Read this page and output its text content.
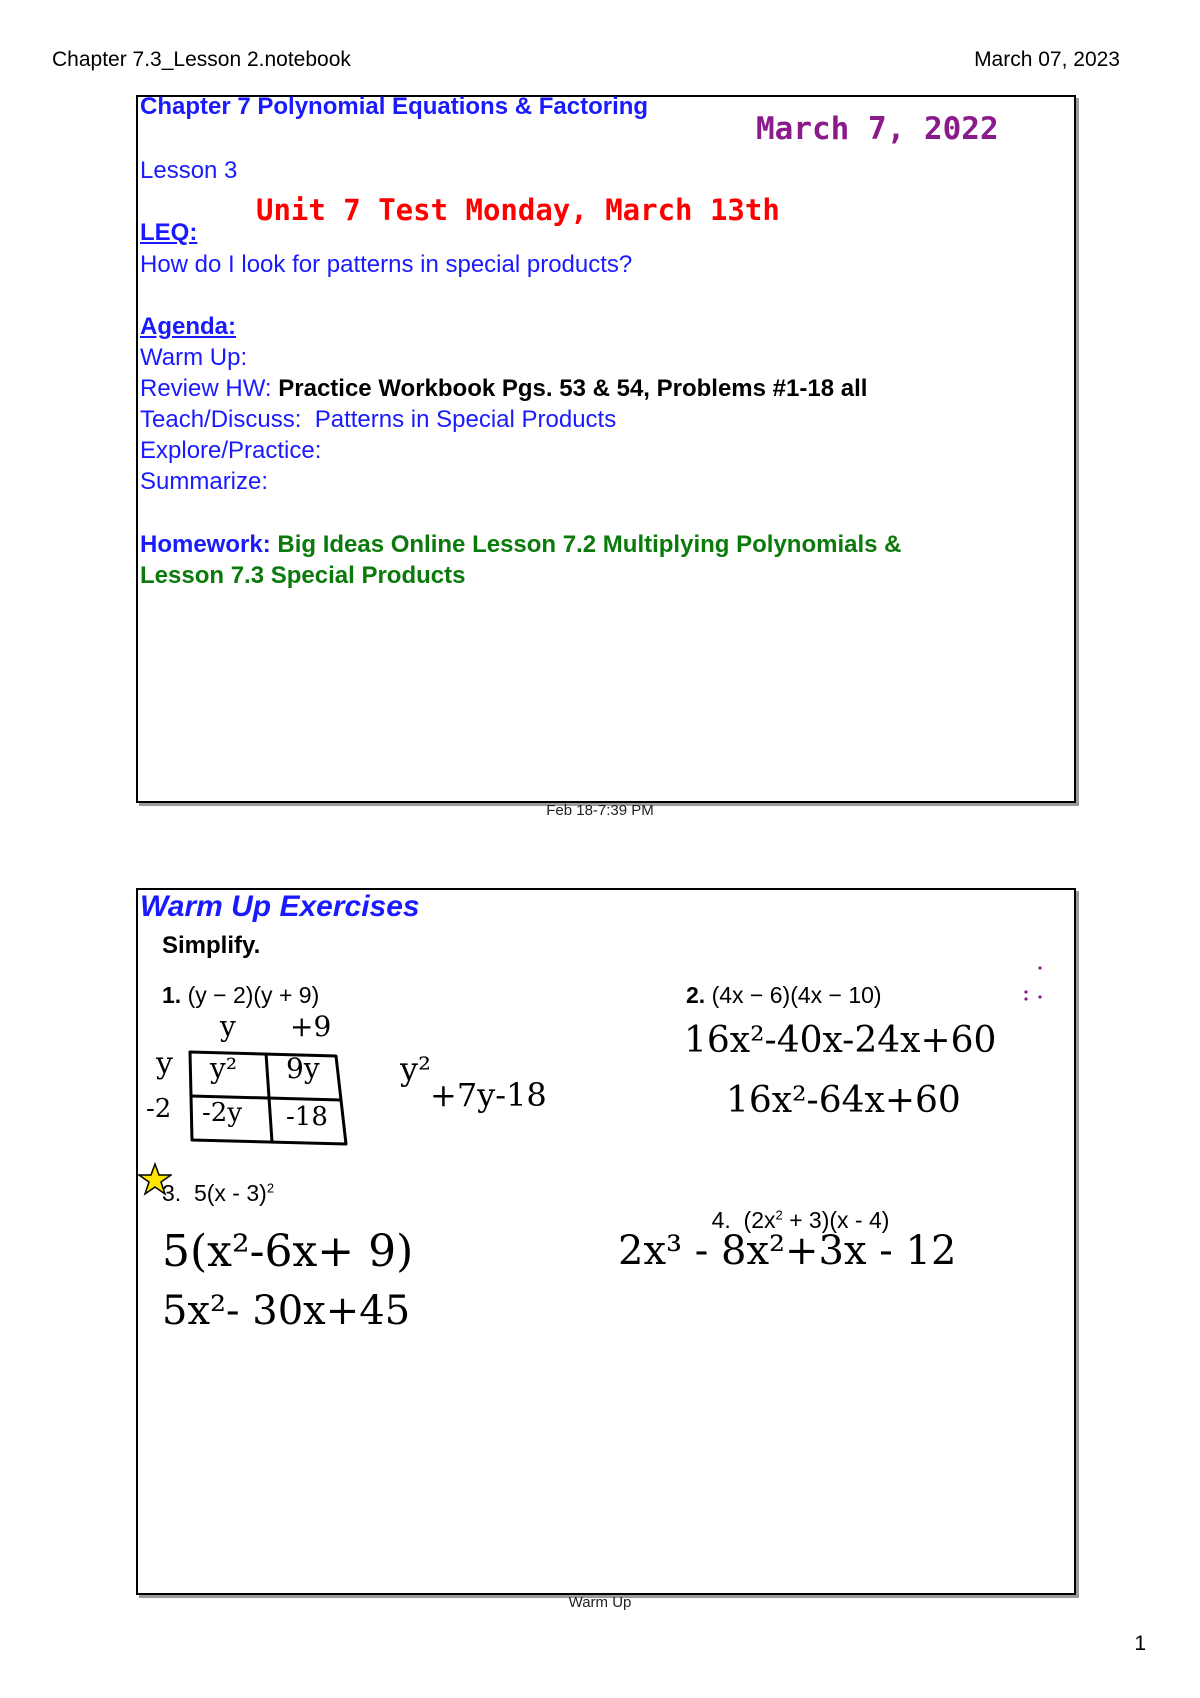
Chapter 7.3_Lesson 2.notebook	March 07, 2023
Chapter 7 Polynomial Equations & Factoring
March 7, 2022
Lesson 3
Unit 7 Test Monday, March 13th
LEQ:
How do I look for patterns in special products?
Agenda:
Warm Up:
Review HW: Practice Workbook Pgs. 53 & 54, Problems #1-18 all
Teach/Discuss:  Patterns in Special Products
Explore/Practice:
Summarize:
Homework: Big Ideas Online Lesson 7.2 Multiplying Polynomials &
Lesson 7.3 Special Products
Feb 18-7:39 PM
Warm Up Exercises
Simplify.
1. (y − 2)(y + 9)	2. (4x − 6)(4x − 10)
3. 5(x - 3)$^2$

4. $(2x^2 + 3)(x - 4)$

y +9
y
-2
y² 9y
-2y -18
y²
+7y-18
16x²-40x-24x+60
16x²-64x+60
5(x²-6x+ 9)
5x²- 30x+45
2x³ - 8x²+3x - 12
Warm Up
1
